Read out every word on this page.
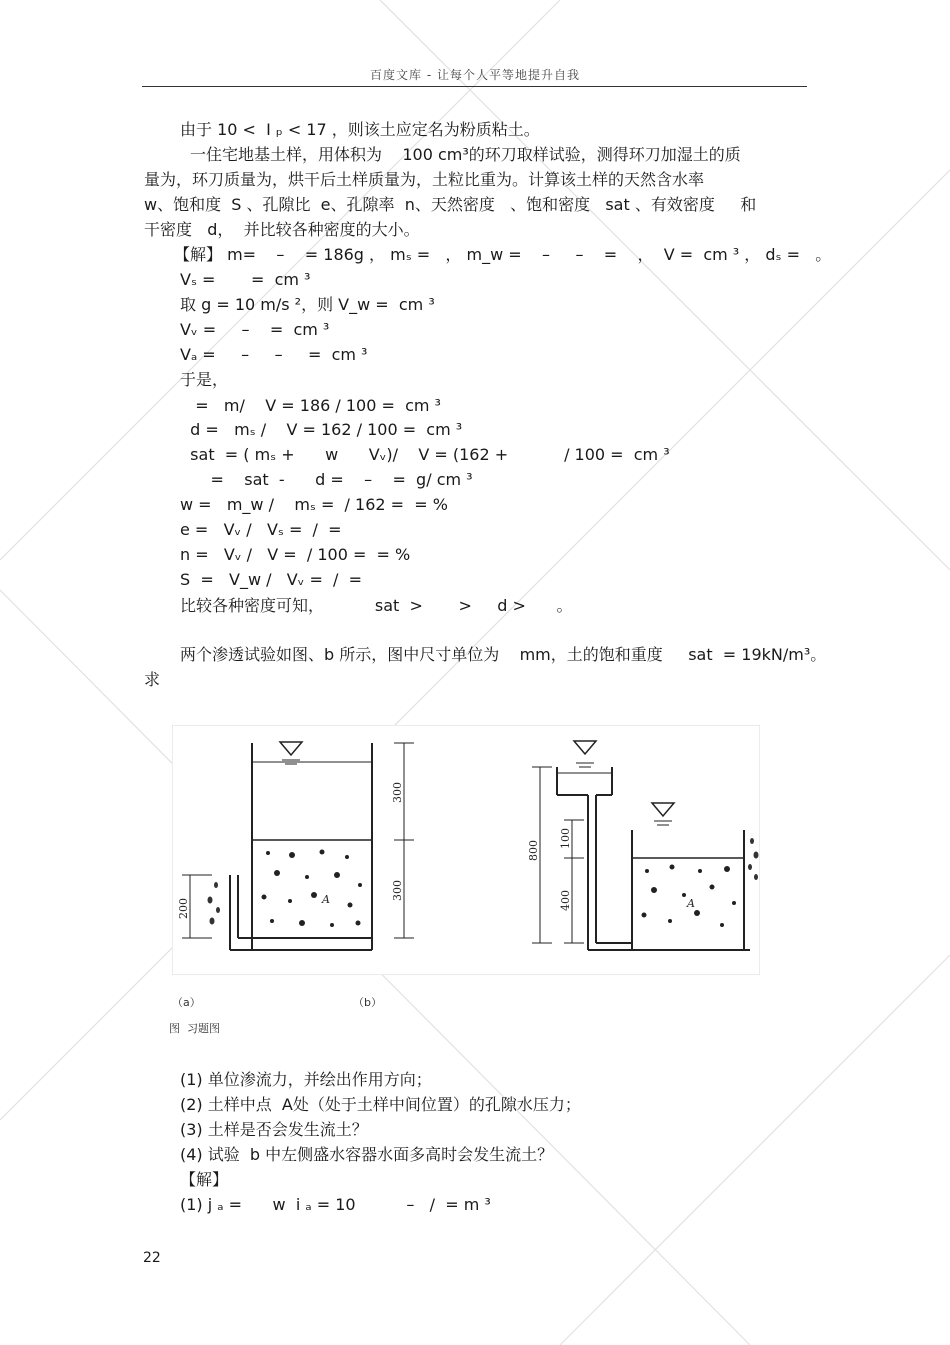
百度文库 - 让每个人平等地提升自我
由于 10 <  I ₚ < 17 ，则该土应定名为粉质粘土。
一住宅地基土样，用体积为    100 cm³的环刀取样试验，测得环刀加湿土的质
量为，环刀质量为，烘干后土样质量为，土粒比重为。计算该土样的天然含水率
w、饱和度  S 、孔隙比  e、孔隙率  n、天然密度   、饱和密度   sat 、有效密度     和
干密度   d，  并比较各种密度的大小。
【解】 m=    –    = 186g ， mₛ =   ， m_w =    –     –    =    ，  V =  cm ³ ， dₛ =   。
Vₛ =       =  cm ³
取 g = 10 m/s ²，则 V_w =  cm ³
Vᵥ =     –    =  cm ³
Vₐ =     –     –     =  cm ³
于是，
=   m/    V = 186 / 100 =  cm ³
d =   mₛ /    V = 162 / 100 =  cm ³
sat  = ( mₛ +      w      Vᵥ)/    V = (162 +           / 100 =  cm ³
=    sat  -      d =    –    =  g/ cm ³
w =   m_w /    mₛ =  / 162 =  = %
e =   Vᵥ /   Vₛ =  /  =
n =   Vᵥ /   V =  / 100 =  = %
S  =   V_w /   Vᵥ =  /  =
比较各种密度可知，          sat  >       >     d >      。
两个渗透试验如图、b 所示，图中尺寸单位为    mm，土的饱和重度     sat  = 19kN/m³。
求
A
300
300
200	A
800
100
400
（a）	（b）
图  习题图
(1) 单位渗流力，并绘出作用方向；
(2) 土样中点  A处（处于土样中间位置）的孔隙水压力；
(3) 土样是否会发生流土？
(4) 试验  b 中左侧盛水容器水面多高时会发生流土？
【解】
(1) j ₐ =      w  i ₐ = 10          –   /  = m ³
22
